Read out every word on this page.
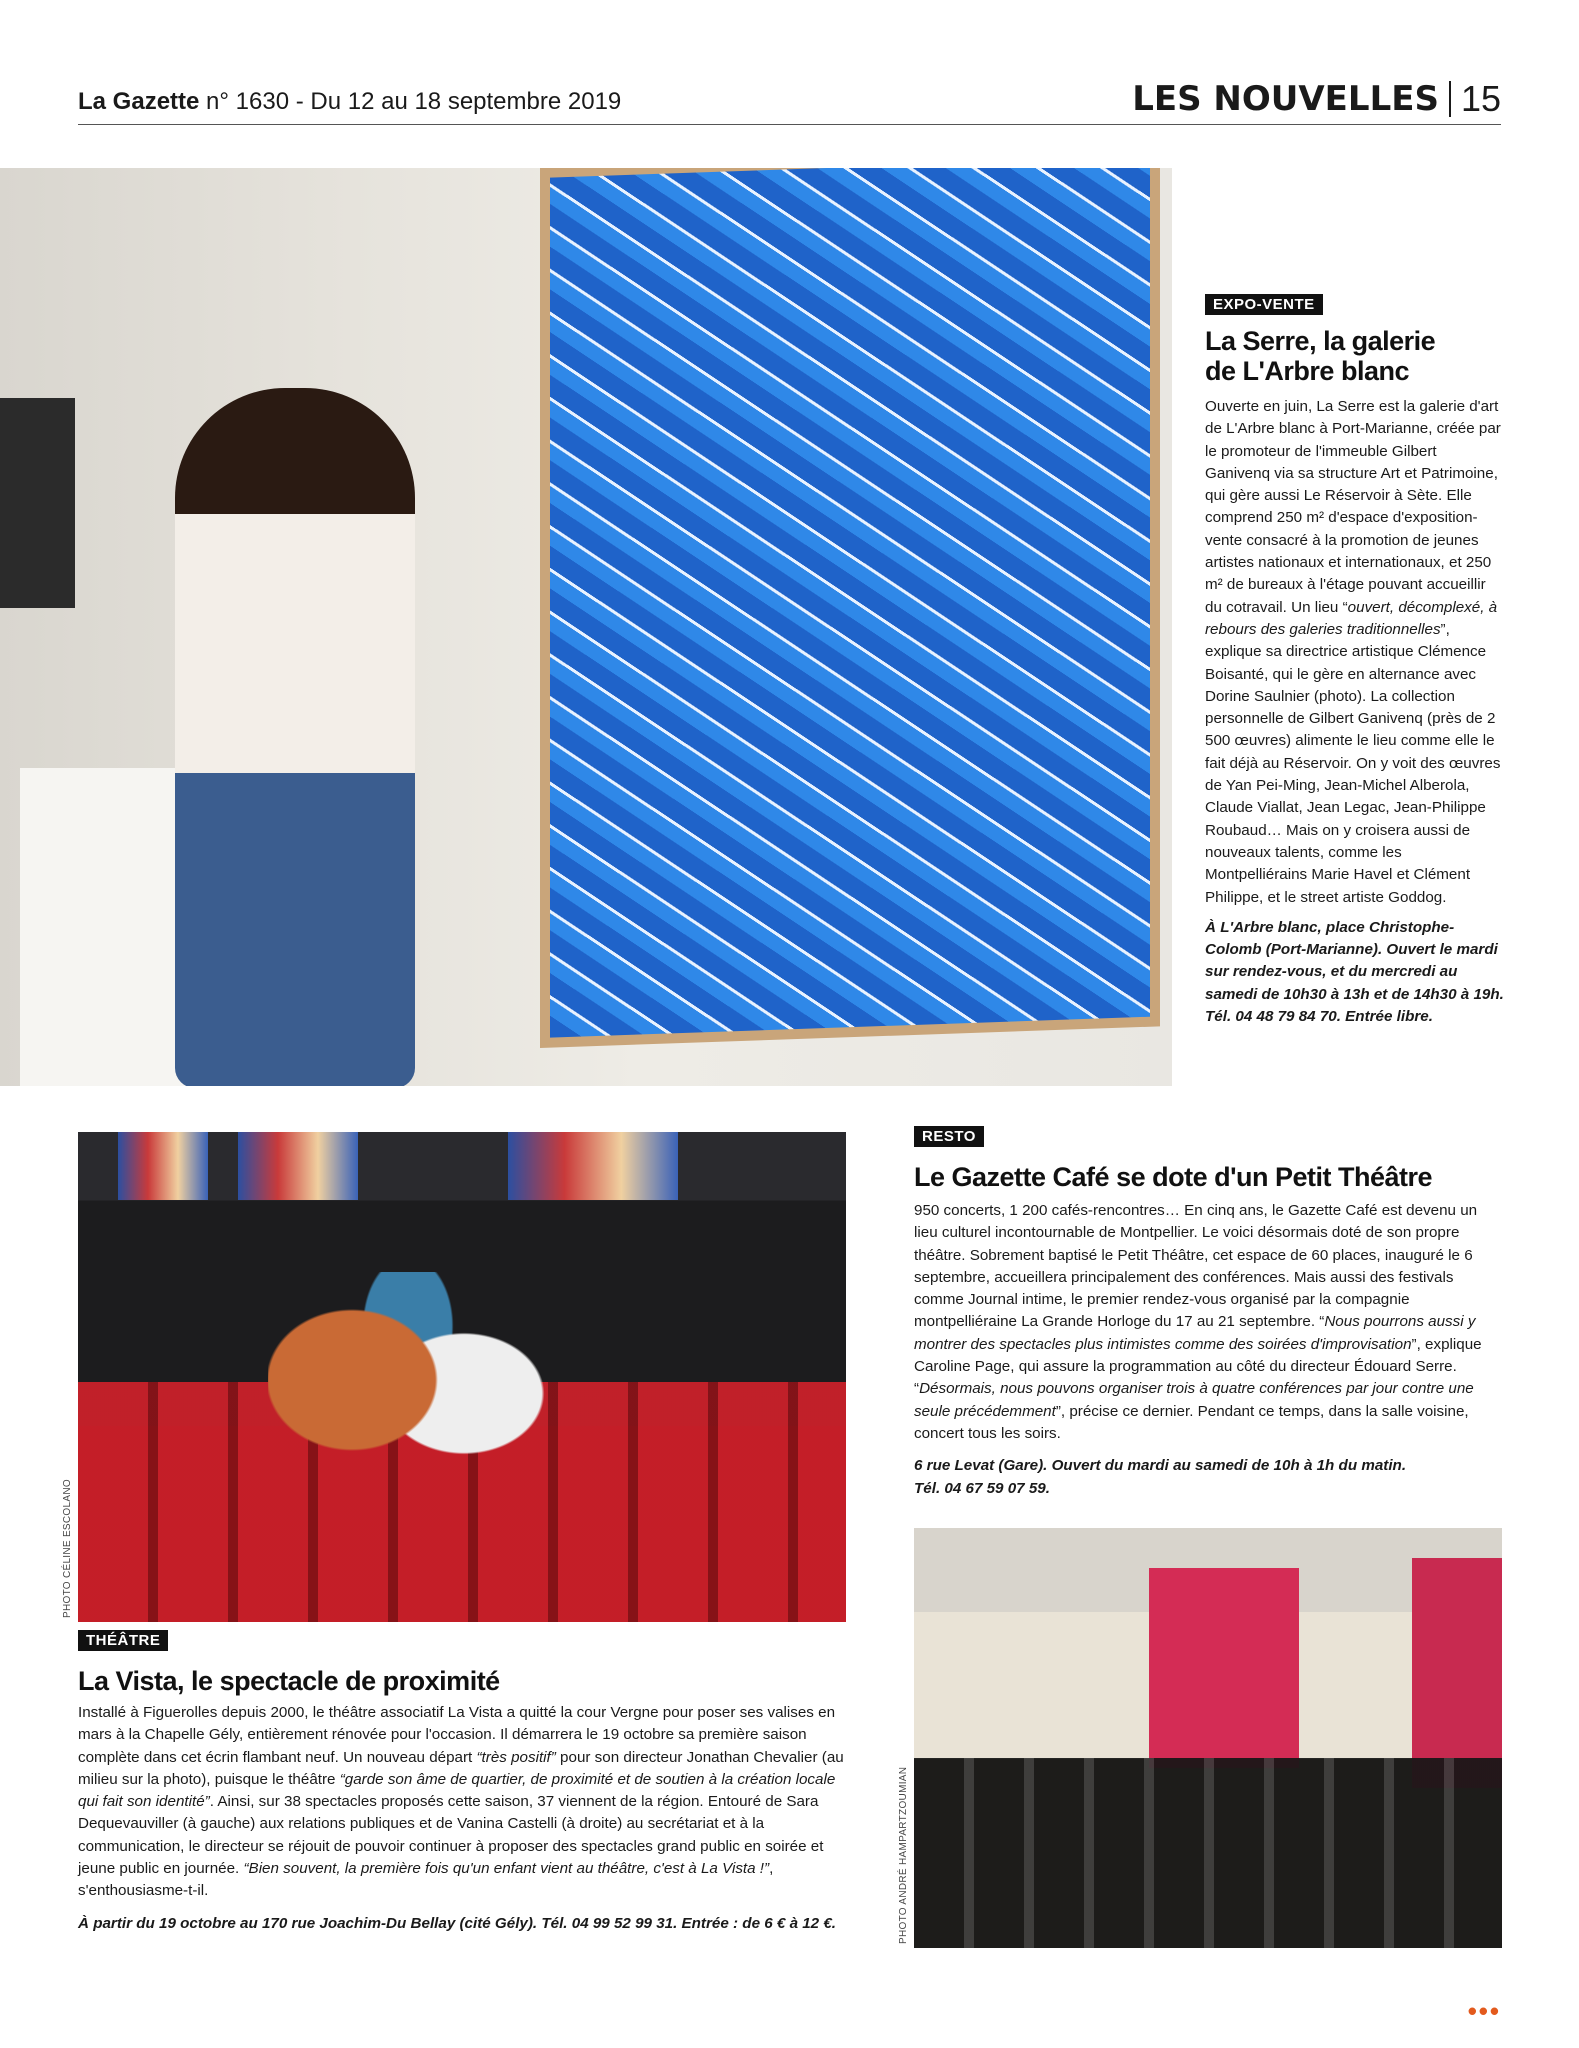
La Gazette n° 1630 - Du 12 au 18 septembre 2019	LES NOUVELLES 15
EXPO-VENTE
La Serre, la galerie
de L'Arbre blanc
Ouverte en juin, La Serre est la galerie d'art de L'Arbre blanc à Port-Marianne, créée par le promoteur de l'immeuble Gilbert Ganivenq via sa structure Art et Patrimoine, qui gère aussi Le Réservoir à Sète. Elle comprend 250 m² d'espace d'exposition-vente consacré à la promotion de jeunes artistes nationaux et internationaux, et 250 m² de bureaux à l'étage pouvant accueillir du cotravail. Un lieu “ouvert, décomplexé, à rebours des galeries traditionnelles”, explique sa directrice artistique Clémence Boisanté, qui le gère en alternance avec Dorine Saulnier (photo). La collection personnelle de Gilbert Ganivenq (près de 2 500 œuvres) alimente le lieu comme elle le fait déjà au Réservoir. On y voit des œuvres de Yan Pei-Ming, Jean-Michel Alberola, Claude Viallat, Jean Legac, Jean-Philippe Roubaud… Mais on y croisera aussi de nouveaux talents, comme les Montpelliérains Marie Havel et Clément Philippe, et le street artiste Goddog.
À L'Arbre blanc, place Christophe-Colomb (Port-Marianne). Ouvert le mardi sur rendez-vous, et du mercredi au samedi de 10h30 à 13h et de 14h30 à 19h. Tél. 04 48 79 84 70. Entrée libre.
PHOTO CÉLINE ESCOLANO
RESTO
Le Gazette Café se dote d'un Petit Théâtre
950 concerts, 1 200 cafés-rencontres… En cinq ans, le Gazette Café est devenu un lieu culturel incontournable de Montpellier. Le voici désormais doté de son propre théâtre. Sobrement baptisé le Petit Théâtre, cet espace de 60 places, inauguré le 6 septembre, accueillera principalement des conférences. Mais aussi des festivals comme Journal intime, le premier rendez-vous organisé par la compagnie montpelliéraine La Grande Horloge du 17 au 21 septembre. “Nous pourrons aussi y montrer des spectacles plus intimistes comme des soirées d'improvisation”, explique Caroline Page, qui assure la programmation au côté du directeur Édouard Serre. “Désormais, nous pouvons organiser trois à quatre conférences par jour contre une seule précédemment”, précise ce dernier. Pendant ce temps, dans la salle voisine, concert tous les soirs.
6 rue Levat (Gare). Ouvert du mardi au samedi de 10h à 1h du matin.
Tél. 04 67 59 07 59.
PHOTO ANDRÉ HAMPARTZOUMIAN
THÉÂTRE
La Vista, le spectacle de proximité
Installé à Figuerolles depuis 2000, le théâtre associatif La Vista a quitté la cour Vergne pour poser ses valises en mars à la Chapelle Gély, entièrement rénovée pour l'occasion. Il démarrera le 19 octobre sa première saison complète dans cet écrin flambant neuf. Un nouveau départ “très positif” pour son directeur Jonathan Chevalier (au milieu sur la photo), puisque le théâtre “garde son âme de quartier, de proximité et de soutien à la création locale qui fait son identité”. Ainsi, sur 38 spectacles proposés cette saison, 37 viennent de la région. Entouré de Sara Dequevauviller (à gauche) aux relations publiques et de Vanina Castelli (à droite) au secrétariat et à la communication, le directeur se réjouit de pouvoir continuer à proposer des spectacles grand public en soirée et jeune public en journée. “Bien souvent, la première fois qu'un enfant vient au théâtre, c'est à La Vista !”, s'enthousiasme-t-il.
À partir du 19 octobre au 170 rue Joachim-Du Bellay (cité Gély). Tél. 04 99 52 99 31. Entrée : de 6 € à 12 €.
•••
